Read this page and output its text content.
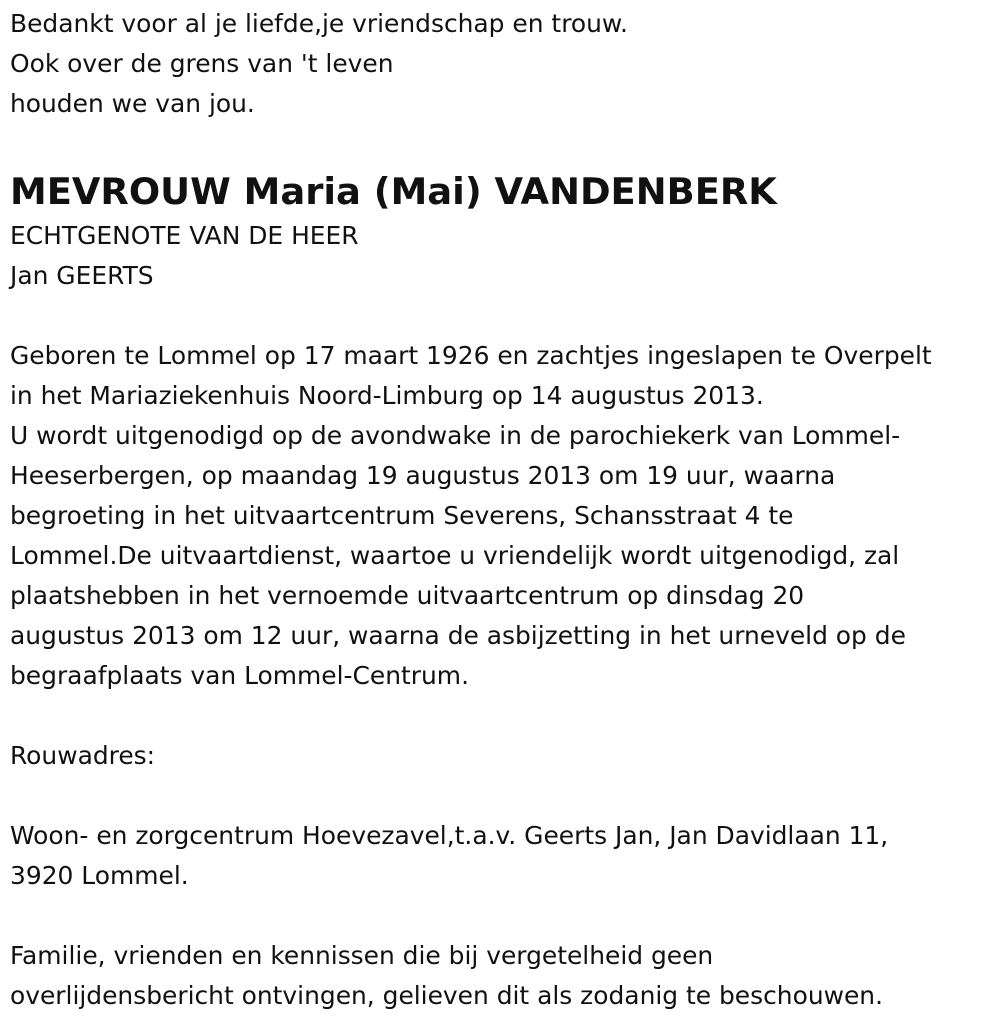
Bedankt voor al je liefde,je vriendschap en trouw.
Ook over de grens van 't leven
houden we van jou.
MEVROUW Maria (Mai) VANDENBERK
ECHTGENOTE VAN DE HEER
Jan GEERTS
Geboren te Lommel op 17 maart 1926 en zachtjes ingeslapen te Overpelt
in het Mariaziekenhuis Noord-Limburg op 14 augustus 2013.
U wordt uitgenodigd op de avondwake in de parochiekerk van Lommel-
Heeserbergen, op maandag 19 augustus 2013 om 19 uur, waarna
begroeting in het uitvaartcentrum Severens, Schansstraat 4 te
Lommel.De uitvaartdienst, waartoe u vriendelijk wordt uitgenodigd, zal
plaatshebben in het vernoemde uitvaartcentrum op dinsdag 20
augustus 2013 om 12 uur, waarna de asbijzetting in het urneveld op de
begraafplaats van Lommel-Centrum.
Rouwadres:
Woon- en zorgcentrum Hoevezavel,t.a.v. Geerts Jan, Jan Davidlaan 11,
3920 Lommel.
Familie, vrienden en kennissen die bij vergetelheid geen
overlijdensbericht ontvingen, gelieven dit als zodanig te beschouwen.
